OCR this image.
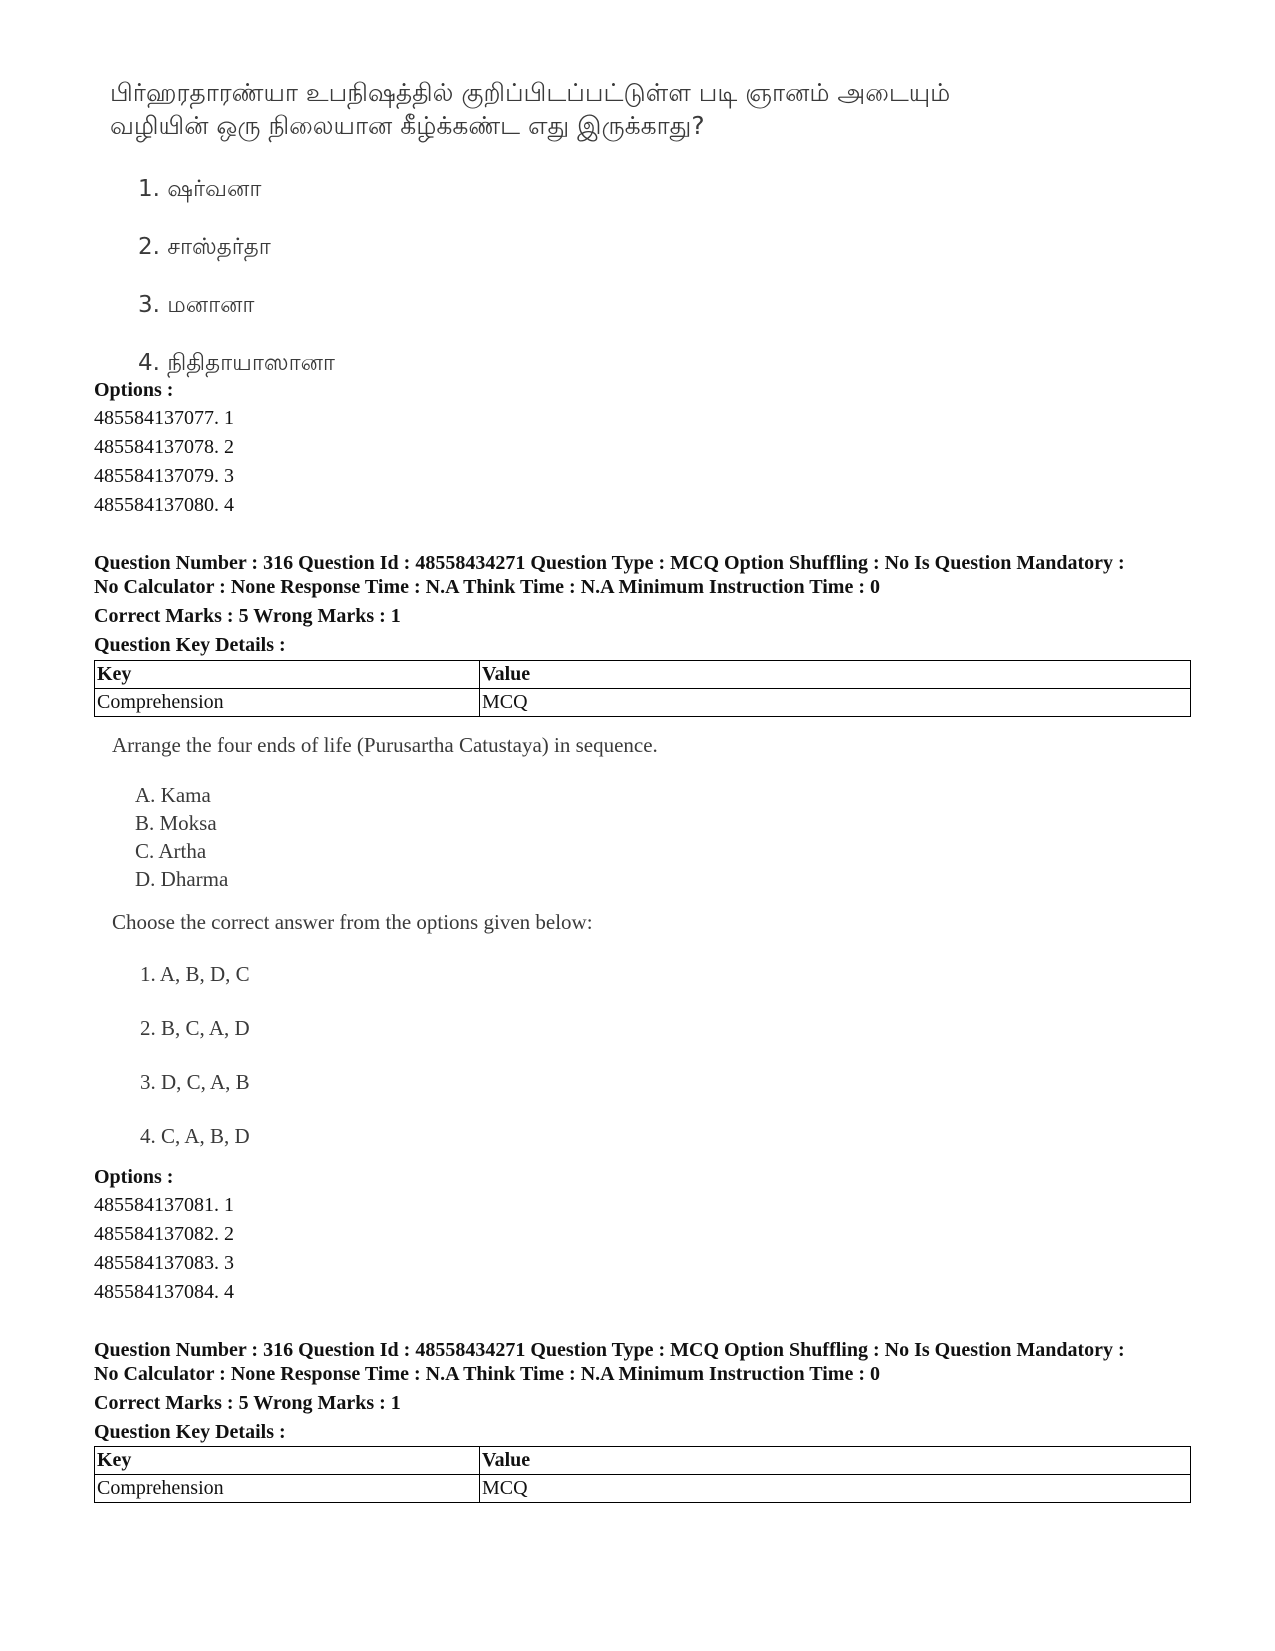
பிர்ஹரதாரண்யா உபநிஷத்தில் குறிப்பிடப்பட்டுள்ள படி ஞானம் அடையும்
வழியின் ஒரு நிலையான கீழ்க்கண்ட எது இருக்காது?
1. ஷர்வனா
2. சாஸ்தர்தா
3. மனானா
4. நிதிதாயாஸானா
Options :
485584137077. 1
485584137078. 2
485584137079. 3
485584137080. 4
Question Number : 316 Question Id : 48558434271 Question Type : MCQ Option Shuffling : No Is Question Mandatory :
No Calculator : None Response Time : N.A Think Time : N.A Minimum Instruction Time : 0
Correct Marks : 5 Wrong Marks : 1
Question Key Details :
Key	Value
Comprehension	MCQ
Arrange the four ends of life (Purusartha Catustaya) in sequence.
A. Kama
B. Moksa
C. Artha
D. Dharma
Choose the correct answer from the options given below:
1. A, B, D, C
2. B, C, A, D
3. D, C, A, B
4. C, A, B, D
Options :
485584137081. 1
485584137082. 2
485584137083. 3
485584137084. 4
Question Number : 316 Question Id : 48558434271 Question Type : MCQ Option Shuffling : No Is Question Mandatory :
No Calculator : None Response Time : N.A Think Time : N.A Minimum Instruction Time : 0
Correct Marks : 5 Wrong Marks : 1
Question Key Details :
Key	Value
Comprehension	MCQ
